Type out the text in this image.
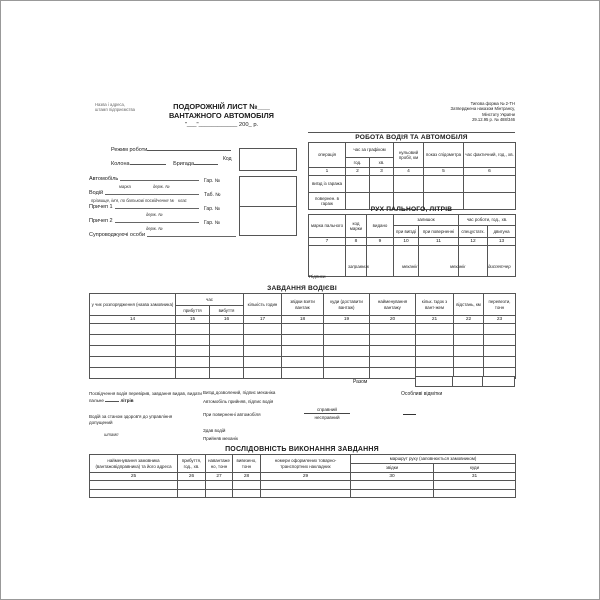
Назва і адреса,
штамп підприємства	ПОДОРОЖНІЙ ЛИСТ №___
ВАНТАЖНОГО АВТОМОБІЛЯ
"___"____________ 200_ р.
Типова форма № 2-ТН
Затверджена наказом Мінтрансу,
Мінстату України
29.12.95 р. № 488/346
Режим роботи
Колона	Бригада
Код
Автомобіль
марка	держ. №
Гар. №
Водій
прізвище, ім'я, по батькові посвідчення № клас
Таб. №
Причеп 1
держ. №
Гар. №
Причеп 2
держ. №
Гар. №
Супроводжуючі особи
РОБОТА ВОДІЯ ТА АВТОМОБІЛЯ
операція	час за графіком		нульовий пробіг, км	показ спідометра	час фактичний, год., хв.
	год.	хв.			
1	2	3	4	5	6
виїзд із гаража					
повернен. в гараж					
РУХ ПАЛЬНОГО, ЛІТРІВ
марка пального	код марки	видано	залишок		час роботи, год., хв.	
			при виїзді	при поверненні	спецустатк.	двигуна
7	8	9	10	11	12	13

заправник	механік	механік	диспетчер
Підписи
ЗАВДАННЯ ВОДІЄВІ
у чиє розпорядження (назва замовника)	час		кількість годин	звідки взяти вантаж	куди (доставити вантаж)	найменування вантажу	кільк. їздок з вант-жем	відстань, км	перевезти, тонн
	прибуття	вибуття							
14	15	16	17	18	19	20	21	22	23

Разом
Особливі відмітки
Посвідчення водія перевірив, завдання видав, видати пальне	літрів
Водій за станом здоров'я до управління допущений
штамп
Виїзд дозволений, підпис механіка
Автомобіль прийняв, підпис водія
При поверненні автомобіля
справний
несправний
Здав водій
Прийняв механік
ПОСЛІДОВНІСТЬ ВИКОНАННЯ ЗАВДАННЯ
найменування замовника (вантажовідправника) та його адреса	прибуття, год., хв.	навантажено, тонн	вивезено, тонн	номери оформлених товарно-транспортних накладних	маршрут руху (заповнюється замовником)	
					звідки	куди
25	26	27	28	29	30	31
